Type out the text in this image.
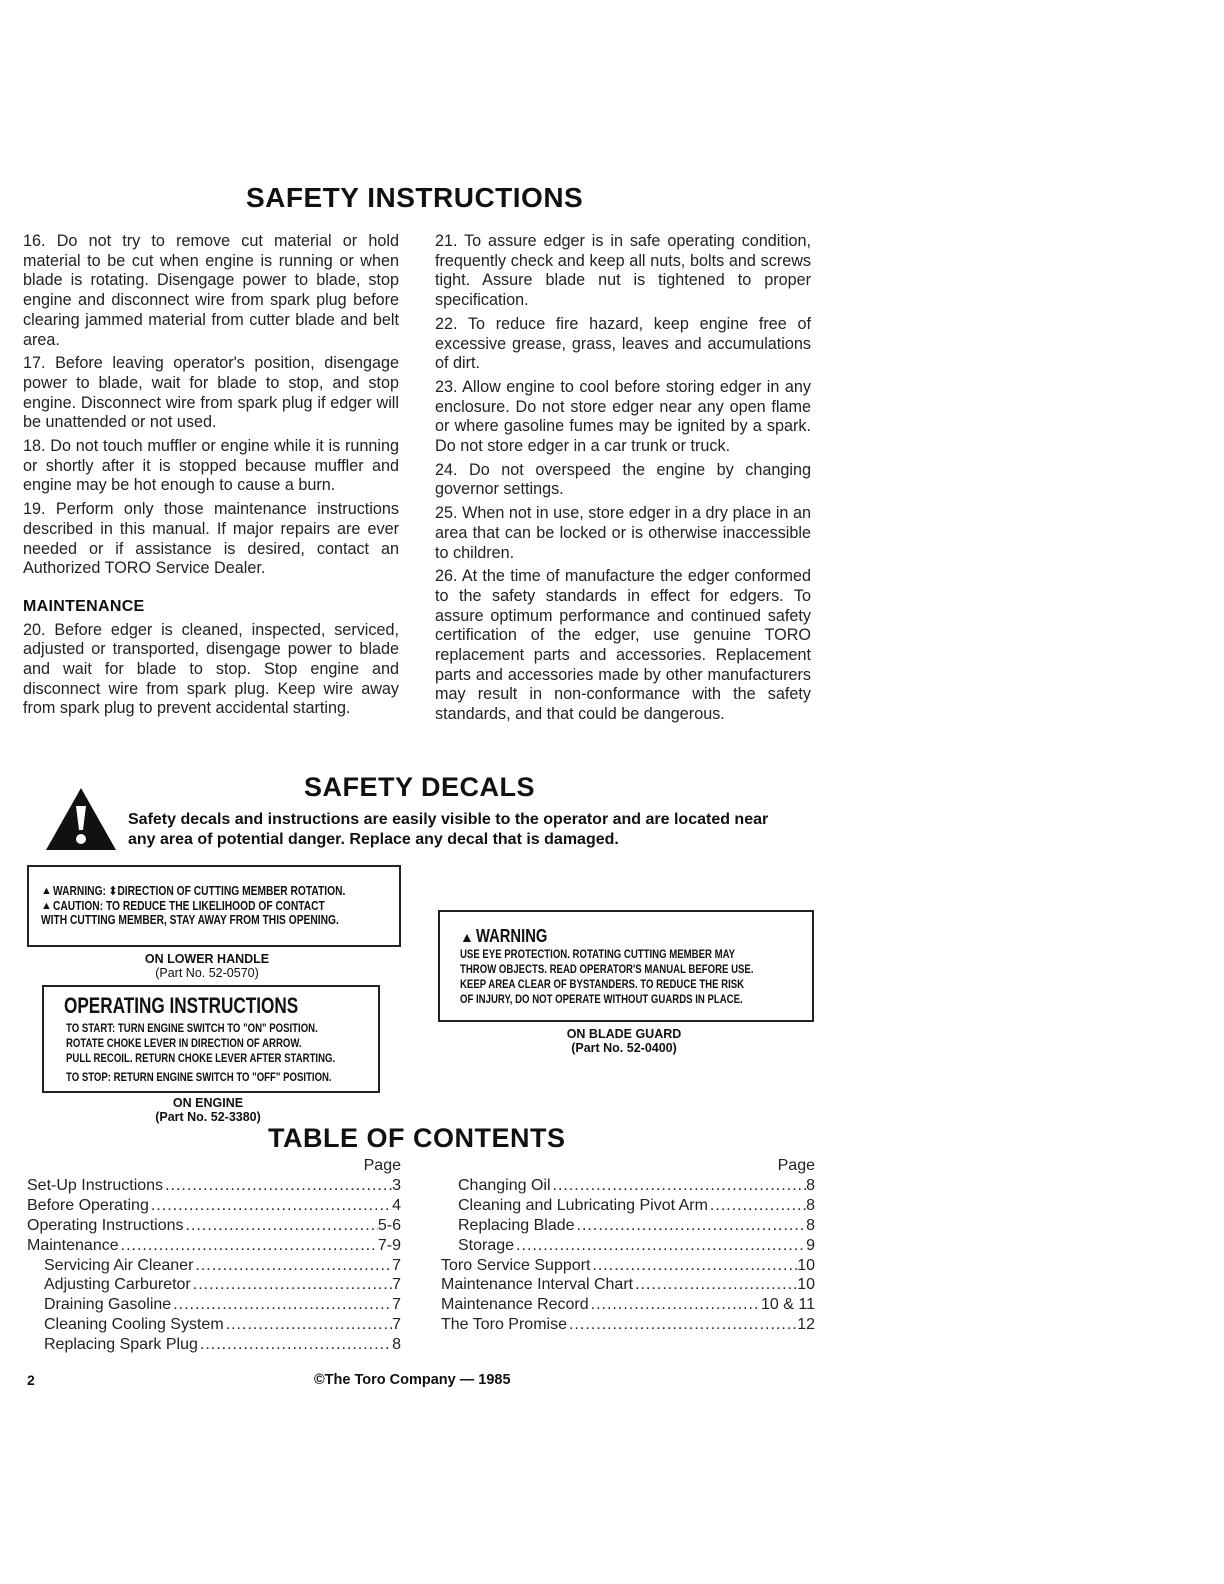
SAFETY INSTRUCTIONS

16. Do not try to remove cut material or hold material to be cut when engine is running or when blade is rotating. Disengage power to blade, stop engine and disconnect wire from spark plug before clearing jammed material from cutter blade and belt area.

17. Before leaving operator's position, disengage power to blade, wait for blade to stop, and stop engine. Disconnect wire from spark plug if edger will be unattended or not used.

18. Do not touch muffler or engine while it is running or shortly after it is stopped because muffler and engine may be hot enough to cause a burn.

19. Perform only those maintenance instructions described in this manual. If major repairs are ever needed or if assistance is desired, contact an Authorized TORO Service Dealer.

MAINTENANCE

20. Before edger is cleaned, inspected, serviced, adjusted or transported, disengage power to blade and wait for blade to stop. Stop engine and disconnect wire from spark plug. Keep wire away from spark plug to prevent accidental starting.

21. To assure edger is in safe operating condition, frequently check and keep all nuts, bolts and screws tight. Assure blade nut is tightened to proper specification.

22. To reduce fire hazard, keep engine free of excessive grease, grass, leaves and accumulations of dirt.

23. Allow engine to cool before storing edger in any enclosure. Do not store edger near any open flame or where gasoline fumes may be ignited by a spark. Do not store edger in a car trunk or truck.

24. Do not overspeed the engine by changing governor settings.

25. When not in use, store edger in a dry place in an area that can be locked or is otherwise inaccessible to children.

26. At the time of manufacture the edger conformed to the safety standards in effect for edgers. To assure optimum performance and continued safety certification of the edger, use genuine TORO replacement parts and accessories. Replacement parts and accessories made by other manufacturers may result in non-conformance with the safety standards, and that could be dangerous.

SAFETY DECALS
Safety decals and instructions are easily visible to the operator and are located near any area of potential danger. Replace any decal that is damaged.
▲ WARNING: ⬍DIRECTION OF CUTTING MEMBER ROTATION.
▲ CAUTION: TO REDUCE THE LIKELIHOOD OF CONTACT
WITH CUTTING MEMBER, STAY AWAY FROM THIS OPENING.
ON LOWER HANDLE
(Part No. 52-0570)
OPERATING INSTRUCTIONS
TO START: TURN ENGINE SWITCH TO "ON" POSITION.
ROTATE CHOKE LEVER IN DIRECTION OF ARROW.
PULL RECOIL. RETURN CHOKE LEVER AFTER STARTING.
TO STOP: RETURN ENGINE SWITCH TO "OFF" POSITION.
ON ENGINE
(Part No. 52-3380)
▲ WARNING
USE EYE PROTECTION. ROTATING CUTTING MEMBER MAY
THROW OBJECTS. READ OPERATOR'S MANUAL BEFORE USE.
KEEP AREA CLEAR OF BYSTANDERS. TO REDUCE THE RISK
OF INJURY, DO NOT OPERATE WITHOUT GUARDS IN PLACE.
ON BLADE GUARD
(Part No. 52-0400)
TABLE OF CONTENTS
Page
Set-Up Instructions .....	3
Before Operating .....	4
Operating Instructions .....	5-6
Maintenance .....	7-9
Servicing Air Cleaner .....	7
Adjusting Carburetor .....	7
Draining Gasoline .....	7
Cleaning Cooling System .....	7
Replacing Spark Plug .....	8
Page
Changing Oil .....	8
Cleaning and Lubricating Pivot Arm .....	8
Replacing Blade .....	8
Storage .....	9
Toro Service Support .....	10
Maintenance Interval Chart .....	10
Maintenance Record .....	10 & 11
The Toro Promise .....	12
2	©The Toro Company — 1985
